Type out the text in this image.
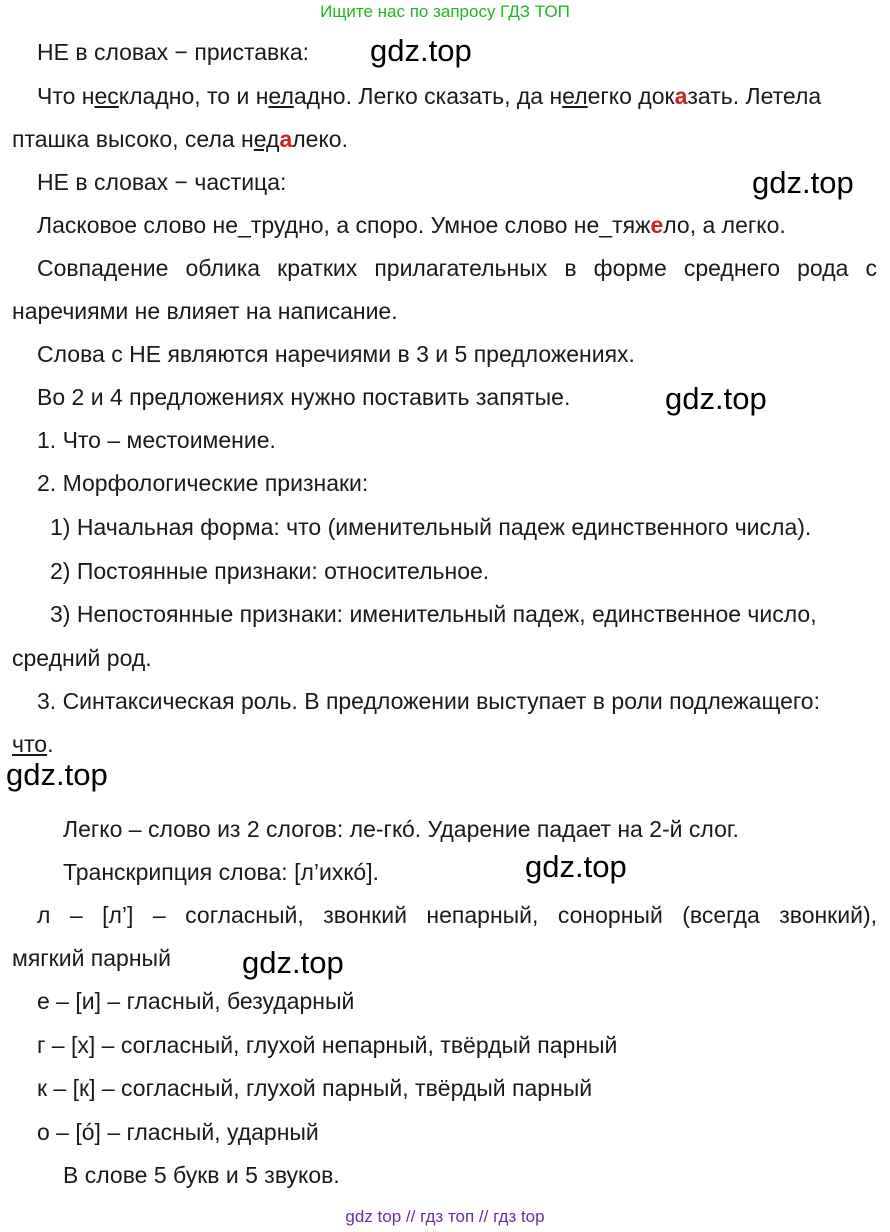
Ищите нас по запросу ГДЗ ТОП
НЕ в словах − приставка: gdz.top
Что нескладно, то и неладно. Легко сказать, да нелегко доказать. Летела
пташка высоко, села недалеко.
НЕ в словах − частица:	gdz.top
Ласковое слово не_трудно, а споро. Умное слово не_тяжело, а легко.
Совпадение облика кратких прилагательных в форме среднего рода с
наречиями не влияет на написание.
Слова с НЕ являются наречиями в 3 и 5 предложениях.
Во 2 и 4 предложениях нужно поставить запятые.	gdz.top
1. Что – местоимение.
2. Морфологические признаки:
1) Начальная форма: что (именительный падеж единственного числа).
2) Постоянные признаки: относительное.
3) Непостоянные признаки: именительный падеж, единственное число,
средний род.
3. Синтаксическая роль. В предложении выступает в роли подлежащего:
что.
gdz.top
Легко – слово из 2 слогов: ле-гкó. Ударение падает на 2-й слог.
Транскрипция слова: [л’ихкó].	gdz.top
л – [л’] – согласный, звонкий непарный, сонорный (всегда звонкий),
мягкий парный gdz.top
е – [и] – гласный, безударный
г – [х] – согласный, глухой непарный, твёрдый парный
к – [к] – согласный, глухой парный, твёрдый парный
о – [ó] – гласный, ударный
В слове 5 букв и 5 звуков.
gdz top // гдз топ // гдз top
